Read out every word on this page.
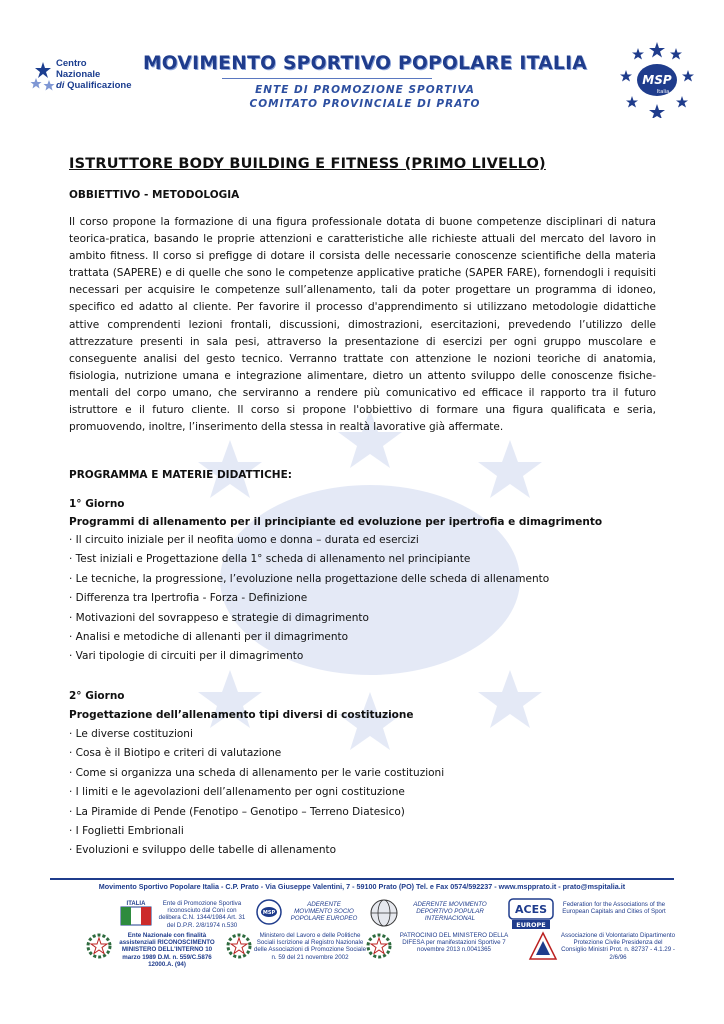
Centro
Nazionale
di Qualificazione
MOVIMENTO SPORTIVO POPOLARE ITALIA
ENTE DI PROMOZIONE SPORTIVA
COMITATO PROVINCIALE DI PRATO
MSP
Italia
ISTRUTTORE BODY BUILDING E FITNESS (PRIMO LIVELLO)
OBBIETTIVO - METODOLOGIA
Il corso propone la formazione di una figura professionale dotata di buone competenze disciplinari di natura teorica-pratica, basando le proprie attenzioni e caratteristiche alle richieste attuali del mercato del lavoro in ambito fitness. Il corso si prefigge di dotare il corsista delle necessarie conoscenze scientifiche della materia trattata (SAPERE) e di quelle che sono le competenze applicative pratiche (SAPER FARE), fornendogli i requisiti necessari per acquisire le competenze sull’allenamento, tali da poter progettare un programma di idoneo, specifico ed adatto al cliente. Per favorire il processo d'apprendimento si utilizzano metodologie didattiche attive comprendenti lezioni frontali, discussioni, dimostrazioni, esercitazioni, prevedendo l’utilizzo delle attrezzature presenti in sala pesi, attraverso la presentazione di esercizi per ogni gruppo muscolare e conseguente analisi del gesto tecnico. Verranno trattate con attenzione le nozioni teoriche di anatomia, fisiologia, nutrizione umana e integrazione alimentare, dietro un attento sviluppo delle conoscenze fisiche-mentali del corpo umano, che serviranno a rendere più comunicativo ed efficace il rapporto tra il futuro istruttore e il futuro cliente. Il corso si propone l'obbiettivo di formare una figura qualificata e seria, promuovendo, inoltre, l’inserimento della stessa in realtà lavorative già affermate.
PROGRAMMA E MATERIE DIDATTICHE:
1° Giorno
Programmi di allenamento per il principiante ed evoluzione per ipertrofia e dimagrimento
· Il circuito iniziale per il neofita uomo e donna – durata ed esercizi
· Test iniziali e Progettazione della 1° scheda di allenamento nel principiante
· Le tecniche, la progressione, l’evoluzione nella progettazione delle scheda di allenamento
· Differenza tra Ipertrofia - Forza - Definizione
· Motivazioni del sovrappeso e strategie di dimagrimento
· Analisi e metodiche di allenanti per il dimagrimento
· Vari tipologie di circuiti per il dimagrimento
2° Giorno
Progettazione dell’allenamento tipi diversi di costituzione
· Le diverse costituzioni
· Cosa è il Biotipo e criteri di valutazione
· Come si organizza una scheda di allenamento per le varie costituzioni
· I limiti e le agevolazioni dell’allenamento per ogni costituzione
· La Piramide di Pende (Fenotipo – Genotipo – Terreno Diatesico)
· I Foglietti Embrionali
· Evoluzioni e sviluppo delle tabelle di allenamento
Movimento Sportivo Popolare Italia - C.P. Prato - Via Giuseppe Valentini, 7 - 59100 Prato (PO) Tel. e Fax 0574/592237 - www.mspprato.it - prato@mspitalia.it
ITALIA	Ente di Promozione Sportiva riconosciuto dal Coni con delibera C.N. 1344/1984 Art. 31 del D.P.R. 2/8/1974 n.530
MSP
ADERENTE MOVIMENTO SOCIO POPOLARE EUROPEO
ADERENTE MOVIMENTO DEPORTIVO POPULAR INTERNACIONAL
ACES
EUROPE
Federation for the Associations of the European Capitals and Cities of Sport
Ente Nazionale con finalità assistenziali RICONOSCIMENTO MINISTERO DELL'INTERNO 10 marzo 1989 D.M. n. 559/C.5876 12000.A. (94)
Ministero del Lavoro e delle Politiche Sociali Iscrizione al Registro Nazionale delle Associazioni di Promozione Sociale n. 59 del 21 novembre 2002
PATROCINIO DEL MINISTERO DELLA DIFESA per manifestazioni Sportive 7 novembre 2013 n.0041365
Associazione di Volontariato Dipartimento Protezione Civile Presidenza del Consiglio Ministri Prot. n. 82737 - 4.1.29 - 2/6/96
